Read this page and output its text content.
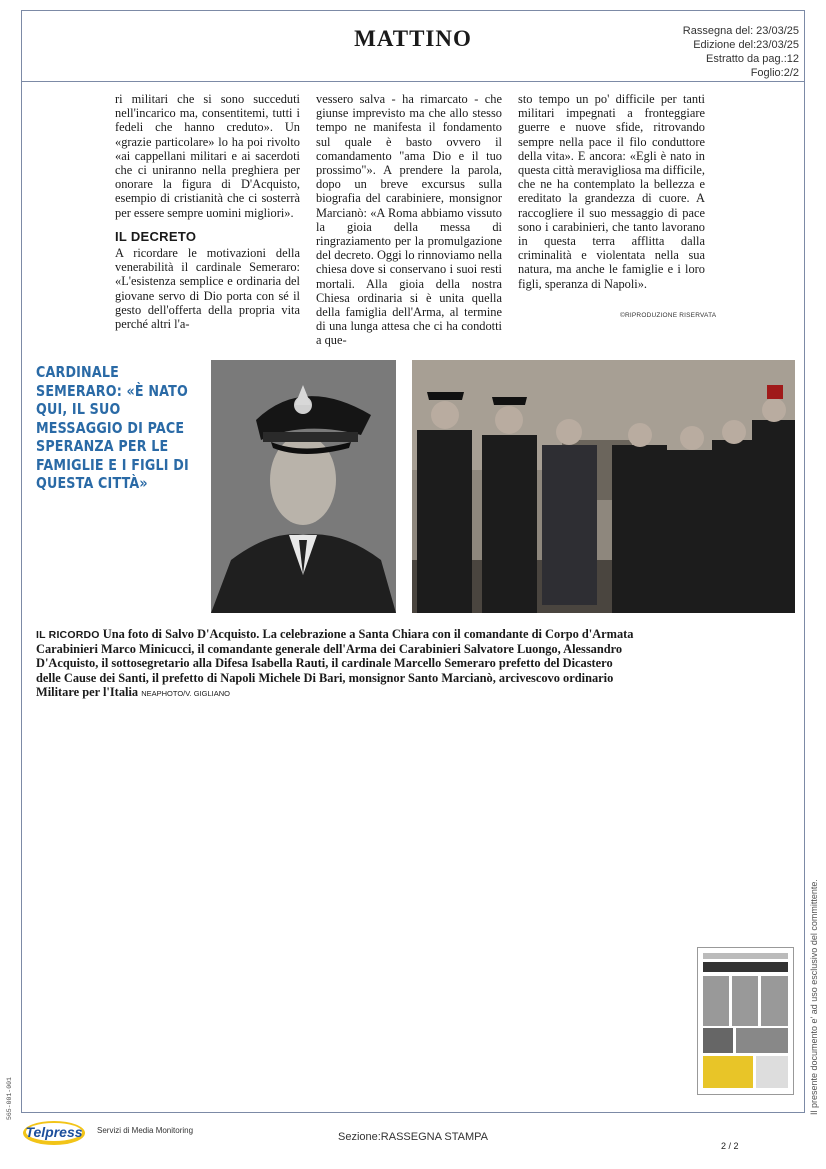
MATTINO	Rassegna del: 23/03/25
Edizione del:23/03/25
Estratto da pag.:12
Foglio:2/2

ri militari che si sono succeduti nell'incarico ma, consentitemi, tutti i fedeli che hanno creduto». Un «grazie particolare» lo ha poi rivolto «ai cappellani militari e ai sacerdoti che ci uniranno nella preghiera per onorare la figura di D'Acquisto, esempio di cristianità che ci sosterrà per essere sempre uomini migliori».

IL DECRETO

A ricordare le motivazioni della venerabilità il cardinale Semeraro: «L'esistenza semplice e ordinaria del giovane servo di Dio porta con sé il gesto dell'offerta della propria vita perché altri l'a-

vessero salva - ha rimarcato - che giunse imprevisto ma che allo stesso tempo ne manifesta il fondamento sul quale è basto ovvero il comandamento "ama Dio e il tuo prossimo"». A prendere la parola, dopo un breve excursus sulla biografia del carabiniere, monsignor Marcianò: «A Roma abbiamo vissuto la gioia della messa di ringraziamento per la promulgazione del decreto. Oggi lo rinnoviamo nella chiesa dove si conservano i suoi resti mortali. Alla gioia della nostra Chiesa ordinaria si è unita quella della famiglia dell'Arma, al termine di una lunga attesa che ci ha condotti a que-

sto tempo un po' difficile per tanti militari impegnati a fronteggiare guerre e nuove sfide, ritrovando sempre nella pace il filo conduttore della vita». E ancora: «Egli è nato in questa città meravigliosa ma difficile, che ne ha contemplato la bellezza e ereditato la grandezza di cuore. A raccogliere il suo messaggio di pace sono i carabinieri, che tanto lavorano in questa terra afflitta dalla criminalità e violentata nella sua natura, ma anche le famiglie e i loro figli, speranza di Napoli».

©RIPRODUZIONE RISERVATA
CARDINALE SEMERARO: «È NATO QUI, IL SUO MESSAGGIO DI PACE SPERANZA PER LE FAMIGLIE E I FIGLI DI QUESTA CITTÀ»
IL RICORDO Una foto di Salvo D'Acquisto. La celebrazione a Santa Chiara con il comandante di Corpo d'Armata Carabinieri Marco Minicucci, il comandante generale dell'Arma dei Carabinieri Salvatore Luongo, Alessandro D'Acquisto, il sottosegretario alla Difesa Isabella Rauti, il cardinale Marcello Semeraro prefetto del Dicastero delle Cause dei Santi, il prefetto di Napoli Michele Di Bari, monsignor Santo Marcianò, arcivescovo ordinario Militare per l'Italia NEAPHOTO/V. GIGLIANO
Il presente documento e' ad uso esclusivo del committente.
565-001-001
Telpress	Servizi di Media Monitoring
Sezione:RASSEGNA STAMPA
2 / 2
